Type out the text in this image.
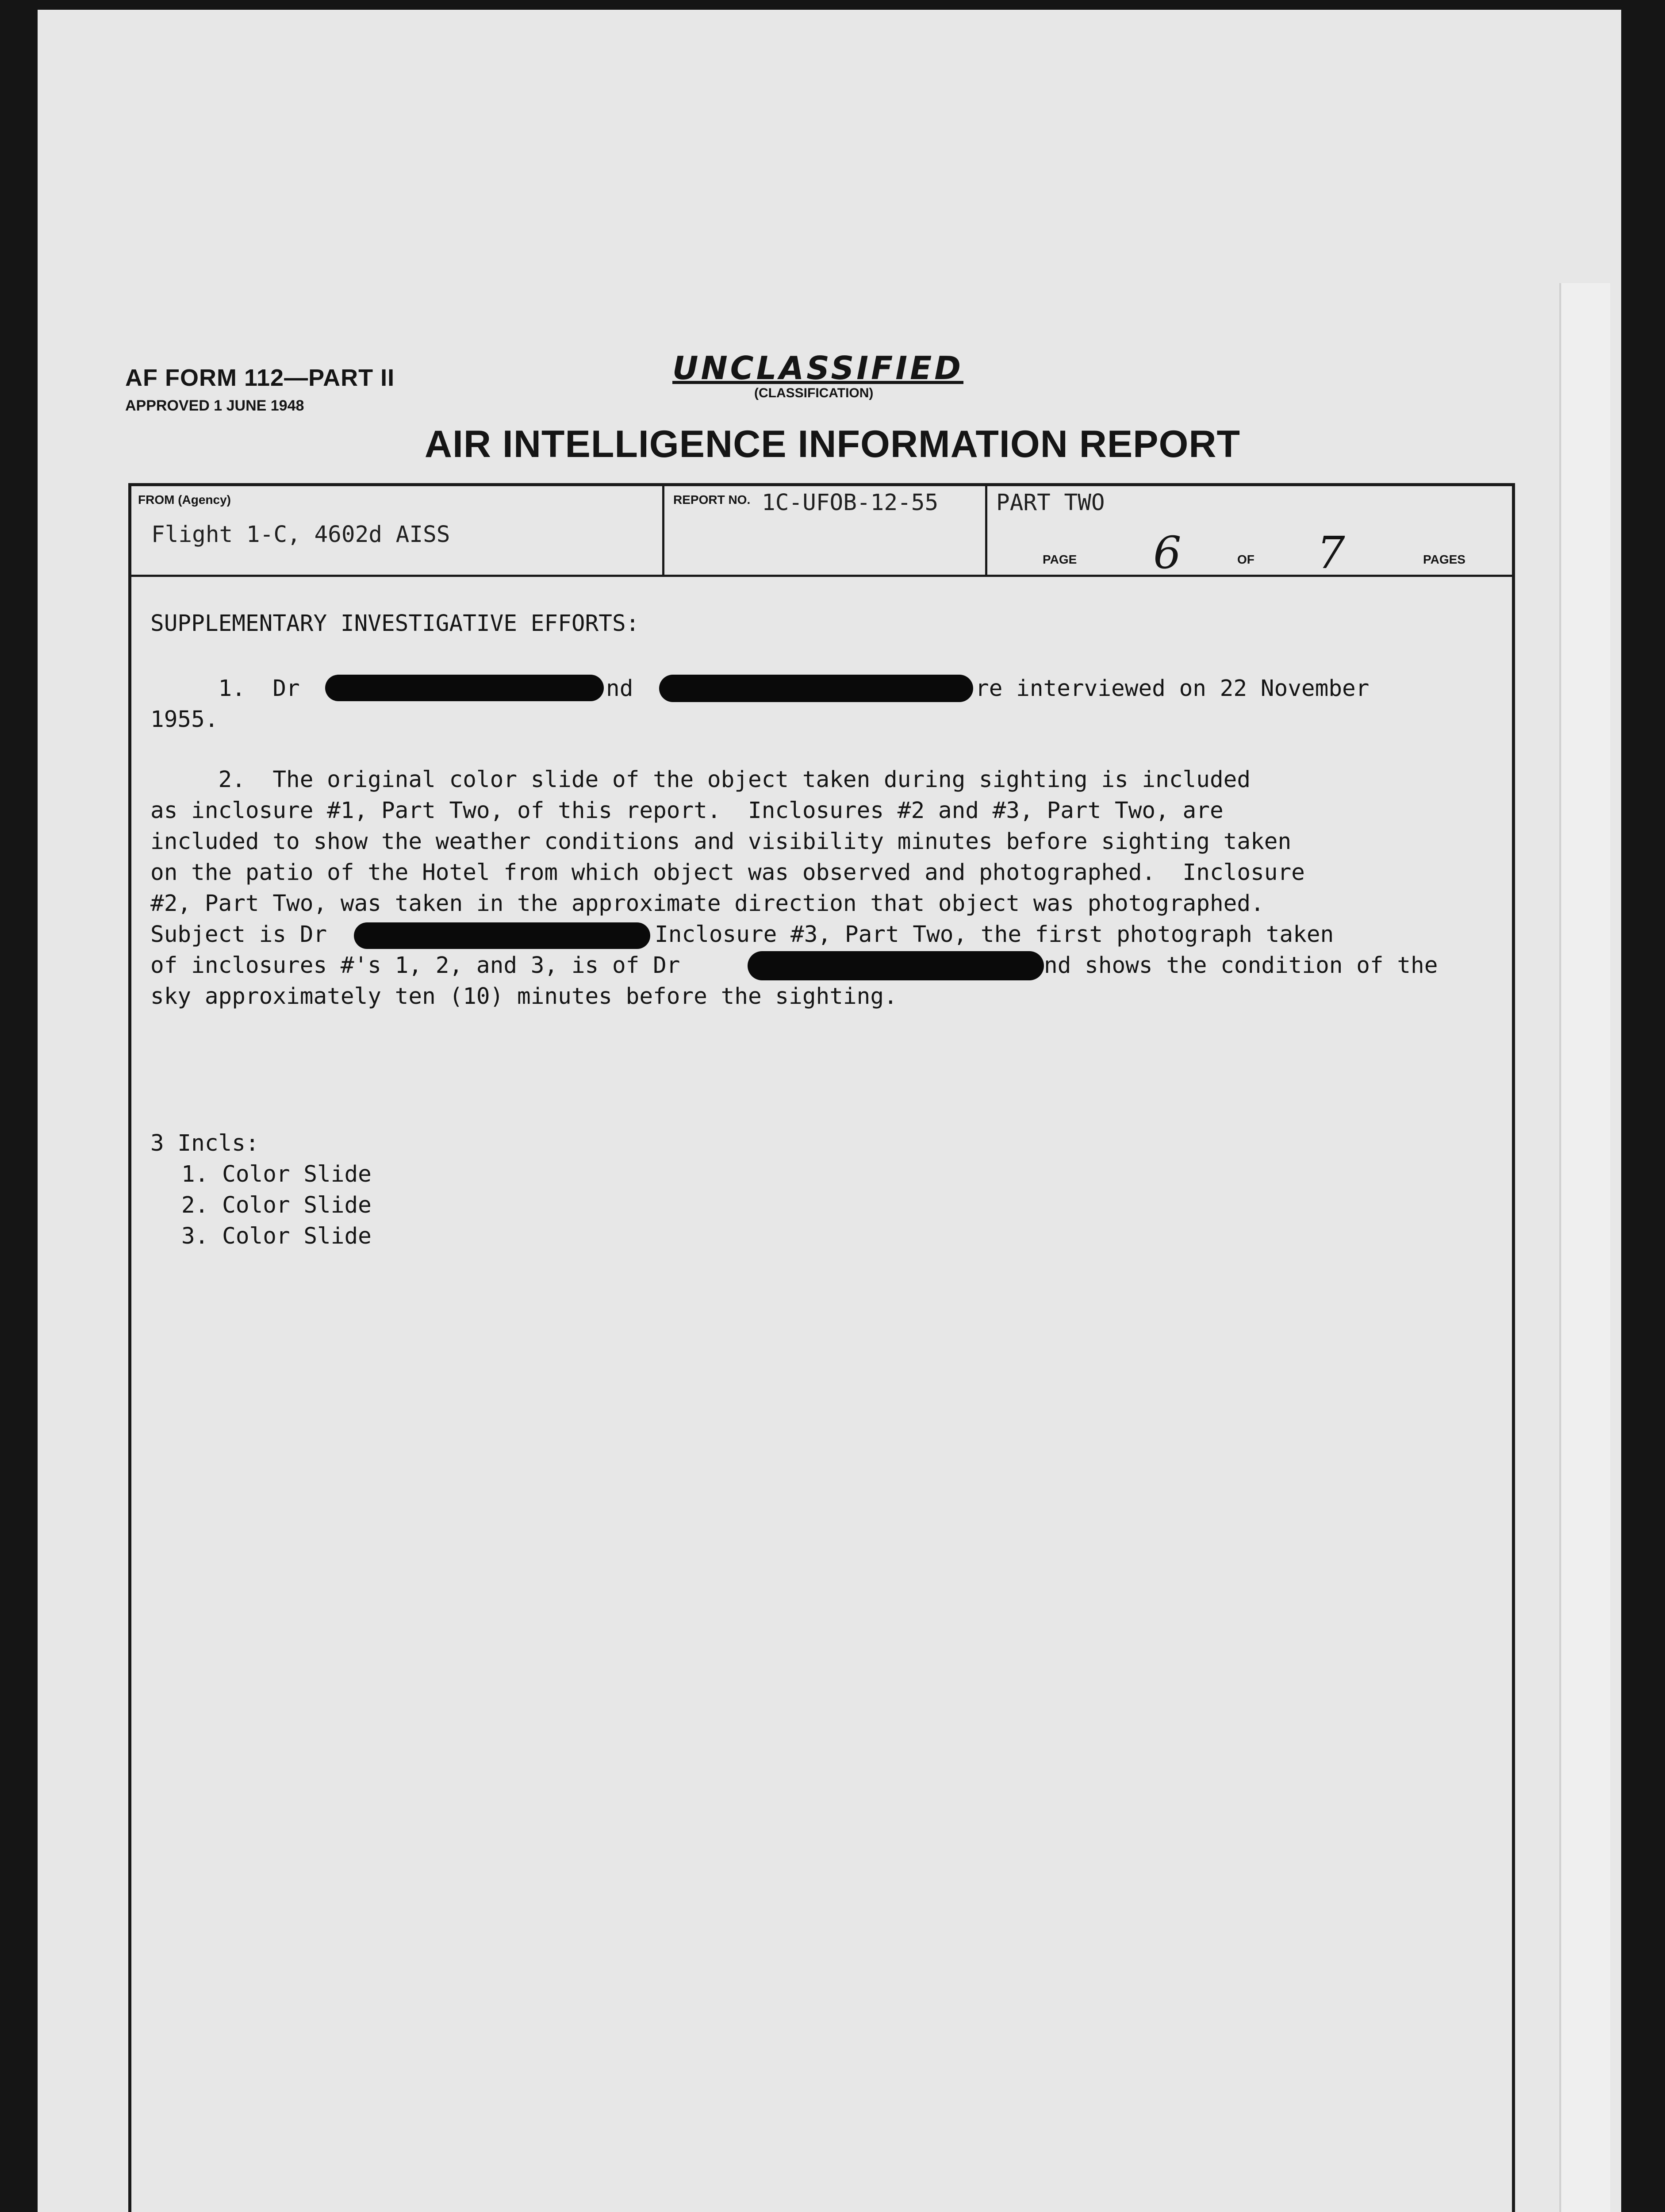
AF FORM 112—PART II
APPROVED 1 JUNE 1948
UNCLASSIFIED
(CLASSIFICATION)
AIR INTELLIGENCE INFORMATION REPORT
FROM (Agency)
Flight 1-C, 4602d AISS
REPORT NO. 1C-UFOB-12-55	PART TWO
PAGE 6	OF 7	PAGES
SUPPLEMENTARY INVESTIGATIVE EFFORTS:
1.  Dr	nd	re interviewed on 22 November
1955.
2.  The original color slide of the object taken during sighting is included
as inclosure #1, Part Two, of this report.  Inclosures #2 and #3, Part Two, are
included to show the weather conditions and visibility minutes before sighting taken
on the patio of the Hotel from which object was observed and photographed.  Inclosure
#2, Part Two, was taken in the approximate direction that object was photographed.
Subject is Dr	Inclosure #3, Part Two, the first photograph taken
of inclosures #'s 1, 2, and 3, is of Dr	nd shows the condition of the
sky approximately ten (10) minutes before the sighting.
3 Incls:
1. Color Slide
2. Color Slide
3. Color Slide
